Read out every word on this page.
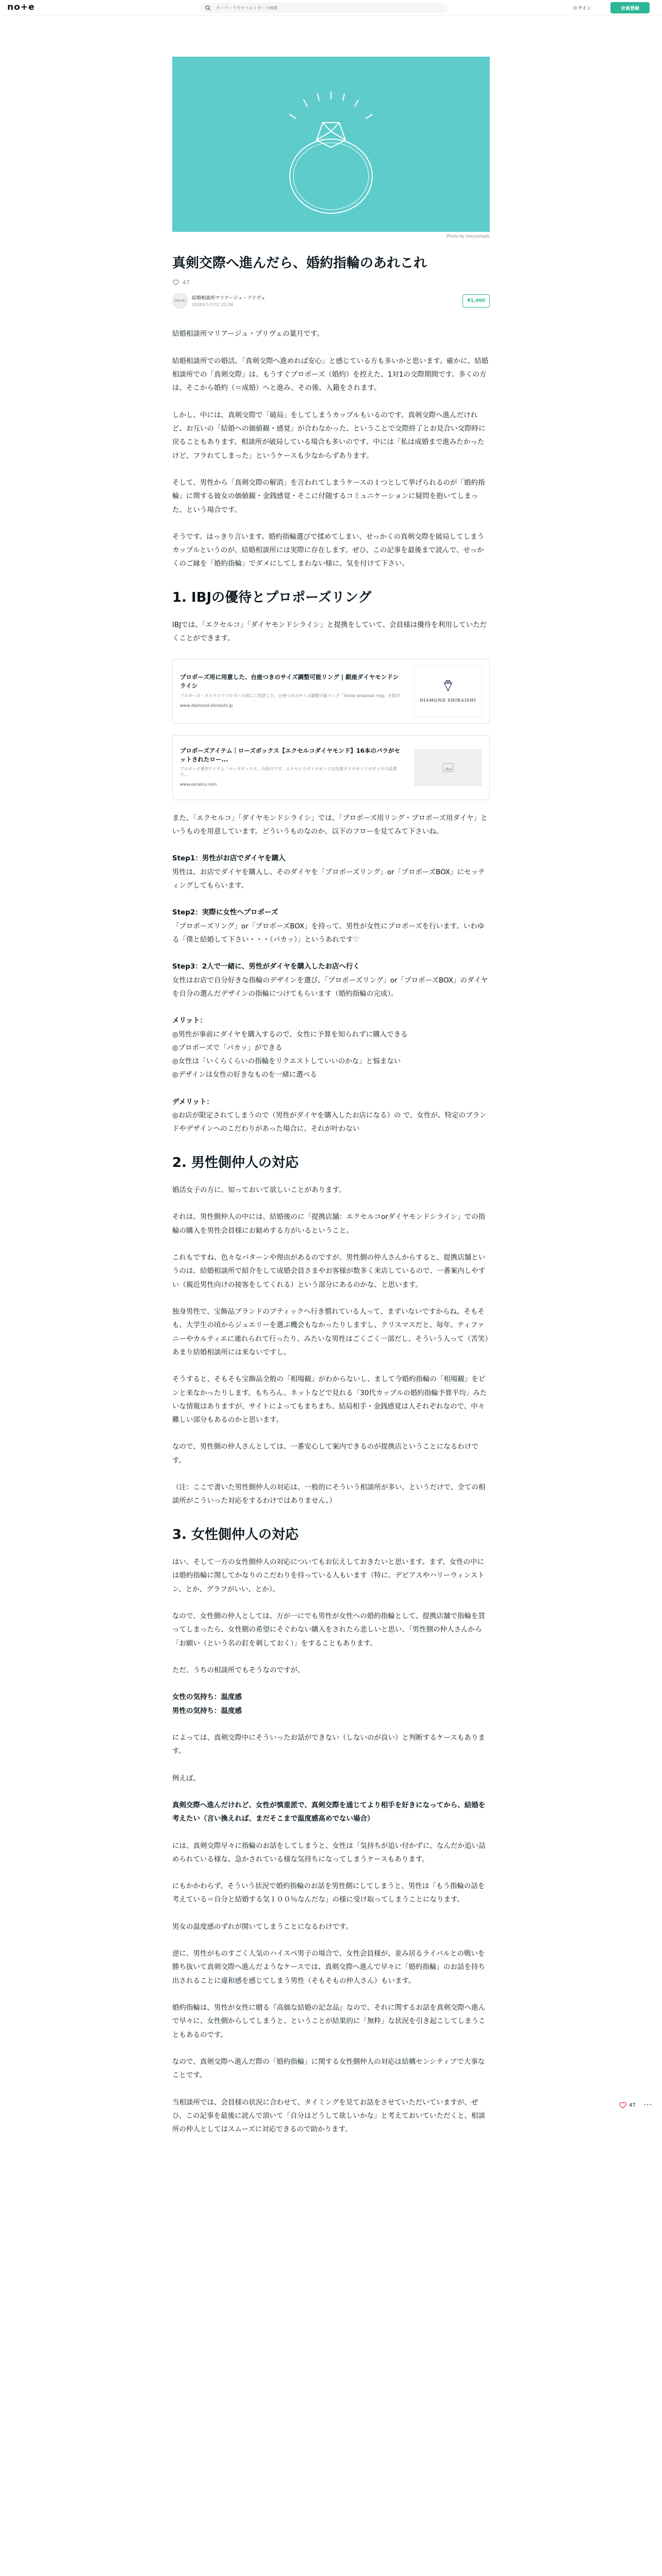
no+e
キーワードやクリエイターで検索	ログイン	会員登録
Photo by tokyoshady
真剣交際へ進んだら、婚約指輪のあれこれ
47
PRIVE	結婚相談所マリアージュ・プリヴェ
2020年1月7日 22:24
¥1,000

結婚相談所マリアージュ・プリヴェの葉月です。

結婚相談所での婚活。「真剣交際へ進めれば安心」と感じている方も多いかと思います。確かに、結婚相談所での「真剣交際」は、もうすぐプロポーズ（婚約）を控えた、1対1の交際期間です。多くの方は、そこから婚約（＝成婚）へと進み、その後、入籍をされます。

しかし、中には、真剣交際で「破局」をしてしまうカップルもいるのです。真剣交際へ進んだけれど、お互いの「結婚への価値観・感覚」が合わなかった、ということで交際終了とお見合い交際時に戻ることもあります。相談所が破局している場合も多いのです。中には「私は成婚まで進みたかったけど、フラれてしまった」というケースも少なからずあります。

そして、男性から「真剣交際の解消」を言われてしまうケースの１つとして挙げられるのが「婚約指輪」に関する彼女の価値観・金銭感覚・そこに付随するコミュニケーションに疑問を抱いてしまった、という場合です。

そうです。はっきり言います。婚約指輪選びで揉めてしまい、せっかくの真剣交際を破局してしまうカップルというのが、結婚相談所には実際に存在します。ぜひ、この記事を最後まで読んで、せっかくのご縁を「婚約指輪」でダメにしてしまわない様に、気を付けて下さい。

1. IBJの優待とプロポーズリング

IBJでは、「エクセルコ」「ダイヤモンドシライシ」と提携をしていて、会員様は優待を利用していただくことができます。

プロポーズ用に用意した、台座つきのサイズ調整可能リング | 銀座ダイヤモンドシライシ
プロポーズ・ダイヤイでプロポーズ用にご用意した、台座つきのサイズ調整可能リング「Smile proposal ring」を紹介
www.diamond-shiraishi.jp
DIAMOND SHIRAISHI
プロポーズアイテム｜ローズボックス【エクセルコダイヤモンド】16本のバラがセットされたロー...
プロポーズ専用アイテム「ローズボックス」の紹介です。エクセルコダイヤモンドは仕様ダイヤモンドのダイヤの品質で...
www.excelco.com

また、「エクセルコ」「ダイヤモンドシライシ」では、「プロポーズ用リング・プロポーズ用ダイヤ」というものを用意しています。どういうものなのか、以下のフローを見てみて下さいね。

Step1：男性がお店でダイヤを購入
男性は、お店でダイヤを購入し、そのダイヤを「プロポーズリング」or「プロポーズBOX」にセッティングしてもらいます。

Step2：実際に女性へプロポーズ
「プロポーズリング」or「プロポーズBOX」を持って、男性が女性にプロポーズを行います。いわゆる「僕と結婚して下さい・・・（パカッ）」というあれです♡

Step3：2人で一緒に、男性がダイヤを購入したお店へ行く
女性はお店で自分好きな指輪のデザインを選び、「プロポーズリング」or「プロポーズBOX」のダイヤを自分の選んだデザインの指輪につけてもらいます（婚約指輪の完成）。

メリット：
◎男性が事前にダイヤを購入するので、女性に予算を知られずに購入できる
◎プロポーズで「パカッ」ができる
◎女性は「いくらくらいの指輪をリクエストしていいのかな」と悩まない
◎デザインは女性の好きなものを一緒に選べる

デメリット：
◎お店が限定されてしまうので（男性がダイヤを購入したお店になる）の で、女性が、特定のブランドやデザインへのこだわりがあった場合に、それが叶わない

2. 男性側仲人の対応

婚活女子の方に、知っておいて欲しいことがあります。

それは、男性側仲人の中には、結婚後のに「提携店舗：エクセルコorダイヤモンドシライシ」での指輪の購入を男性会員様にお勧めする方がいるということ。

これもですね、色々なパターンや理由があるのですが、男性側の仲人さんからすると、提携店舗というのは、結婚相談所で紹介をして成婚会員さまやお客様が数多く来店しているので、一番案内しやすい（親近男性向けの接客をしてくれる）という部分にあるのかな、と思います。

独身男性で、宝飾品ブランドのブティックへ行き慣れている人って、まずいないですからね。そもそも、大学生の頃からジュエリーを選ぶ機会もなかったりしますし、クリスマスだと、毎年、ティファニーやカルティエに連れられて行ったり、みたいな男性はごくごく一部だし、そういう人って（苦笑）あまり結婚相談所には来ないですし。

そうすると、そもそも宝飾品全般の「相場観」がわからないし、まして今婚約指輪の「相場観」をピンと来なかったりします。もちろん、ネットなどで見れる「30代カップルの婚約指輪予算平均」みたいな情報はありますが、サイトによってもまちまち、結局相手・金銭感覚は人それぞれなので、中々難しい部分もあるのかと思います。

なので、男性側の仲人さんとしては、一番安心して案内できるのが提携店ということになるわけです。

（注：ここで書いた男性側仲人の対応は、一般的にそういう相談所が多い、というだけで、全ての相談所がこういった対応をするわけではありません。）

3. 女性側仲人の対応

はい、そして一方の女性側仲人の対応についてもお伝えしておきたいと思います。まず、女性の中には婚約指輪に関してかなりのこだわりを持っている人もいます（特に、デビアスやハリーウィンストン、とか、グラフがいい、とか）。

なので、女性側の仲人としては、万が一にでも男性が女性への婚約指輪として、提携店舗で指輪を買ってしまったら、女性側の希望にそぐわない購入をされたら悲しいと思い、「男性側の仲人さんから「お願い（という名の釘を刺しておく）」をすることもあります。

ただ、うちの相談所でもそうなのですが、

女性の気持ち：温度感
男性の気持ち：温度感

によっては、真剣交際中にそういったお話ができない（しないのが良い）と判断するケースもあります。

例えば、

真剣交際へ進んだけれど、女性が慎重派で、真剣交際を通じてより相手を好きになってから、結婚を考えたい（言い換えれば、まだそこまで温度感高めでない場合）

には、真剣交際早々に指輪のお話をしてしまうと、女性は「気持ちが追い付かずに、なんだか追い詰められている様な、急かされている様な気持ちになってしまうケースもあります。

にもかかわらず、そういう状況で婚約指輪のお話を男性側にしてしまうと、男性は「もう指輪の話を考えている＝自分と結婚する気１００％なんだな」の様に受け取ってしまうことになります。

男女の温度感のずれが開いてしまうことになるわけです。

逆に、男性がものすごく人気のハイスペ男子の場合で、女性会員様が、並み居るライバルとの戦いを勝ち抜いて真剣交際へ進んだようなケースでは、真剣交際へ進んで早々に「婚約指輪」のお話を持ち出されることに違和感を感じてしまう男性（そもそもの仲人さん）もいます。

婚約指輪は、男性が女性に贈る『高価な結婚の記念品』なので、それに関するお話を真剣交際へ進んで早々に、女性側からしてしまうと、ということが結果的に「無粋」な状況を引き起こしてしまうこともあるのです。

なので、真剣交際へ進んだ際の「婚約指輪」に関する女性側仲人の対応は結構センシティブで大事なことです。

当相談所では、会員様の状況に合わせて、タイミングを見てお話をさせていただいていますが、ぜひ、この記事を最後に読んで頂いて「自分はどうして欲しいかな」と考えておいていただくと、相談所の仲人としてはスムーズに対応できるので助かります。

47 ···
